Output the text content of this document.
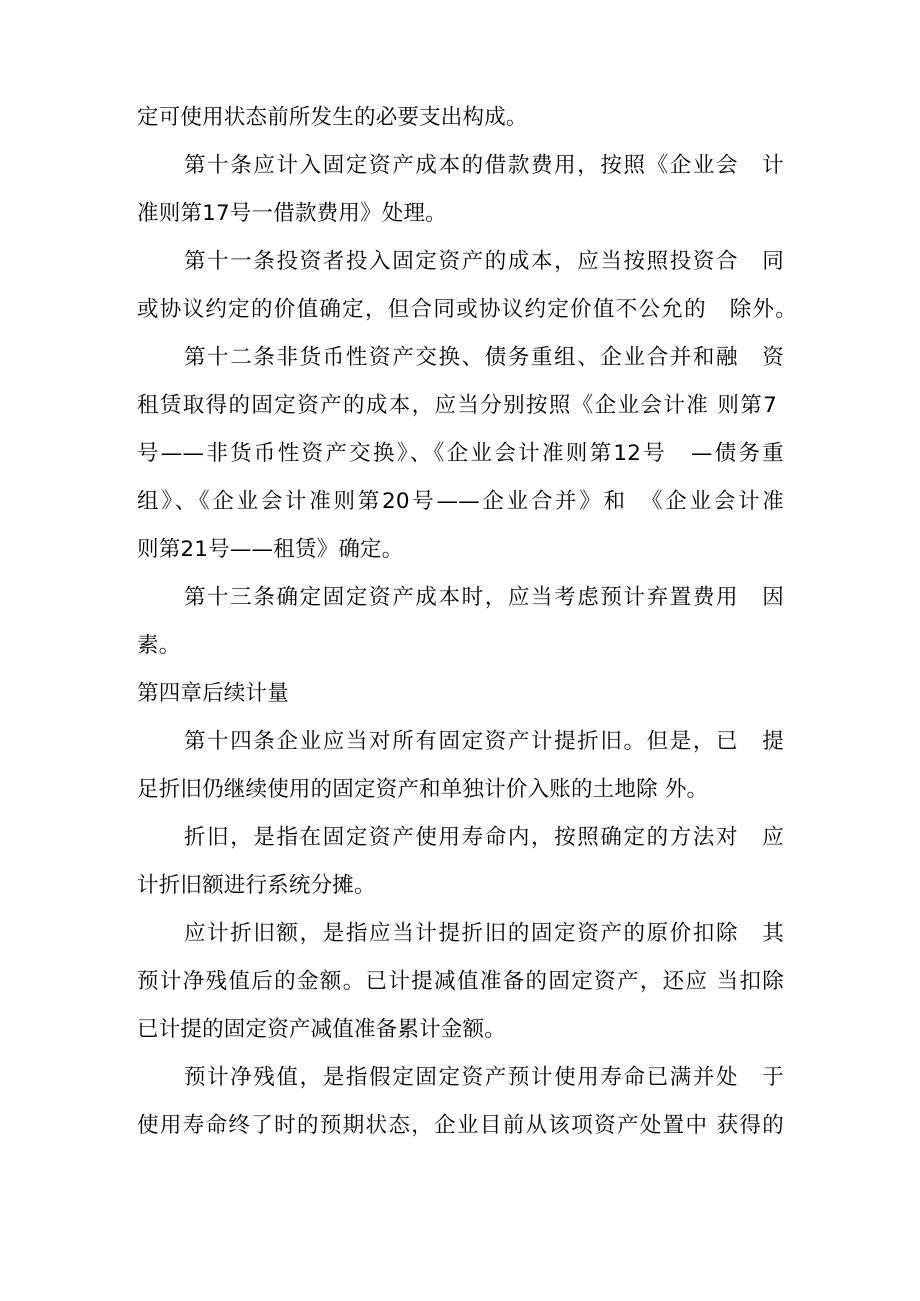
定可使用状态前所发生的必要支出构成。
第十条应计入固定资产成本的借款费用，按照《企业会　计
准则第17号一借款费用》处理。
第十一条投资者投入固定资产的成本，应当按照投资合　同
或协议约定的价值确定，但合同或协议约定价值不公允的　除外。
第十二条非货币性资产交换、债务重组、企业合并和融　资
租赁取得的固定资产的成本，应当分别按照《企业会计准 则第7
号——非货币性资产交换》、《企业会计准则第12号　—债务重
组》、《企业会计准则第20号——企业合并》和　《企业会计准
则第21号——租赁》确定。
第十三条确定固定资产成本时，应当考虑预计弃置费用　因
素。
第四章后续计量
第十四条企业应当对所有固定资产计提折旧。但是，已　提
足折旧仍继续使用的固定资产和单独计价入账的土地除 外。
折旧，是指在固定资产使用寿命内，按照确定的方法对　应
计折旧额进行系统分摊。
应计折旧额，是指应当计提折旧的固定资产的原价扣除　其
预计净残值后的金额。已计提减值准备的固定资产，还应 当扣除
已计提的固定资产减值准备累计金额。
预计净残值，是指假定固定资产预计使用寿命已满并处　于
使用寿命终了时的预期状态，企业目前从该项资产处置中 获得的
